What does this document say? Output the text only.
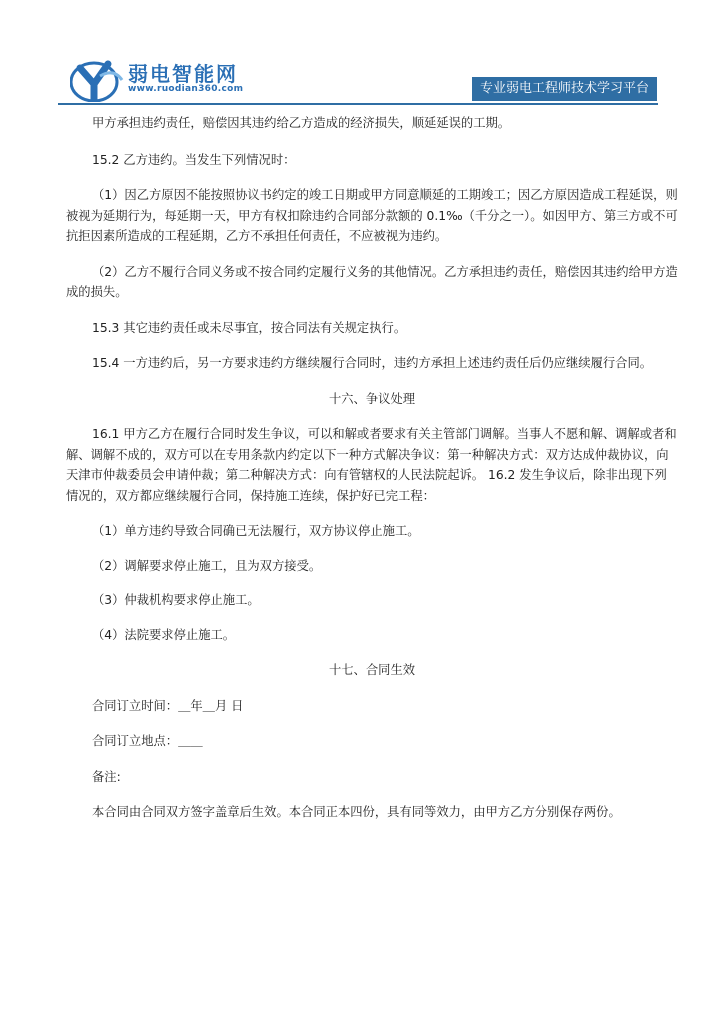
弱电智能网
www.ruodian360.com	专业弱电工程师技术学习平台

甲方承担违约责任，赔偿因其违约给乙方造成的经济损失，顺延延误的工期。

15.2 乙方违约。当发生下列情况时：

（1）因乙方原因不能按照协议书约定的竣工日期或甲方同意顺延的工期竣工；因乙方原因造成工程延误，则被视为延期行为，每延期一天，甲方有权扣除违约合同部分款额的 0.1‰（千分之一）。如因甲方、第三方或不可抗拒因素所造成的工程延期，乙方不承担任何责任，不应被视为违约。

（2）乙方不履行合同义务或不按合同约定履行义务的其他情况。乙方承担违约责任，赔偿因其违约给甲方造成的损失。

15.3 其它违约责任或未尽事宜，按合同法有关规定执行。

15.4 一方违约后，另一方要求违约方继续履行合同时，违约方承担上述违约责任后仍应继续履行合同。

十六、争议处理

16.1 甲方乙方在履行合同时发生争议，可以和解或者要求有关主管部门调解。当事人不愿和解、调解或者和解、调解不成的，双方可以在专用条款内约定以下一种方式解决争议：第一种解决方式：双方达成仲裁协议，向天津市仲裁委员会申请仲裁；第二种解决方式：向有管辖权的人民法院起诉。 16.2 发生争议后，除非出现下列情况的，双方都应继续履行合同，保持施工连续，保护好已完工程：

（1）单方违约导致合同确已无法履行，双方协议停止施工。

（2）调解要求停止施工，且为双方接受。

（3）仲裁机构要求停止施工。

（4）法院要求停止施工。

十七、合同生效

合同订立时间：＿年＿月 日

合同订立地点：＿＿

备注:

本合同由合同双方签字盖章后生效。本合同正本四份，具有同等效力，由甲方乙方分别保存两份。
